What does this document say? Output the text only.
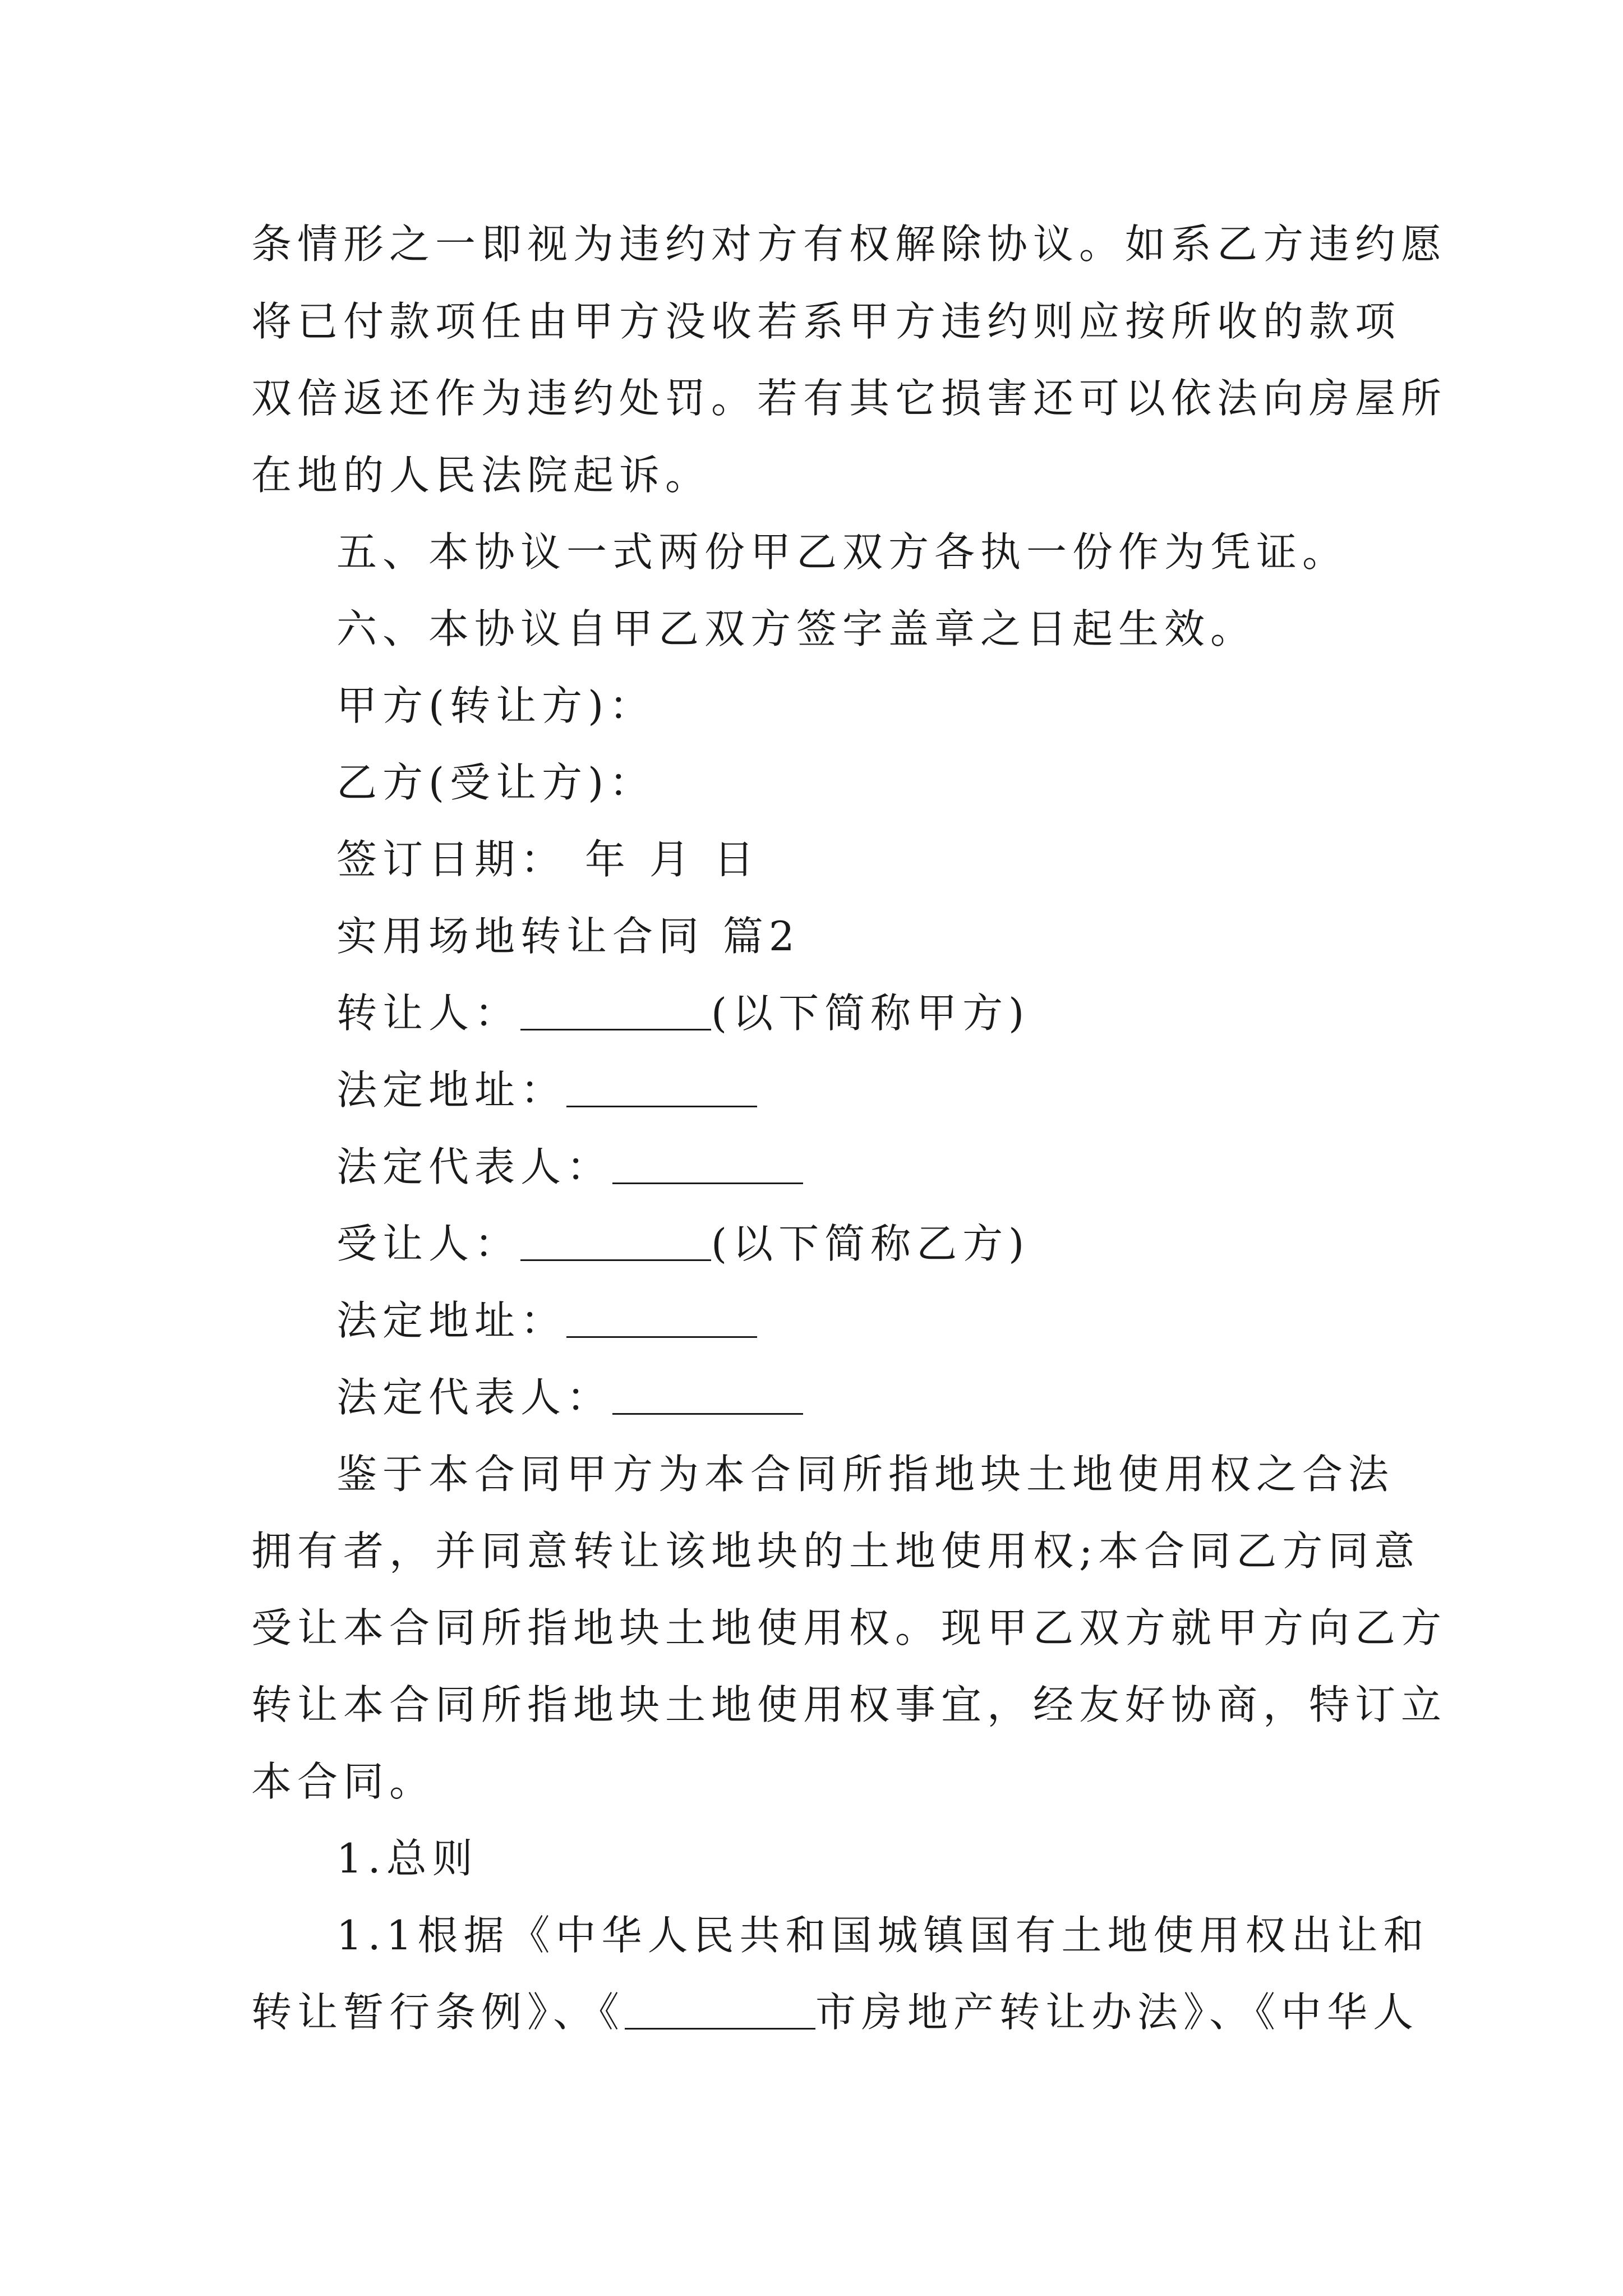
条情形之一即视为违约对方有权解除协议。如系乙方违约愿
将已付款项任由甲方没收若系甲方违约则应按所收的款项
双倍返还作为违约处罚。若有其它损害还可以依法向房屋所
在地的人民法院起诉。
五、本协议一式两份甲乙双方各执一份作为凭证。
六、本协议自甲乙双方签字盖章之日起生效。
甲方(转让方)：
乙方(受让方)：
签订日期： 年 月 日
实用场地转让合同 篇2
转让人：	(以下简称甲方)
法定地址：
法定代表人：
受让人：	(以下简称乙方)
法定地址：
法定代表人：
鉴于本合同甲方为本合同所指地块土地使用权之合法
拥有者，并同意转让该地块的土地使用权;本合同乙方同意
受让本合同所指地块土地使用权。现甲乙双方就甲方向乙方
转让本合同所指地块土地使用权事宜，经友好协商，特订立
本合同。
1.总则
1.1根据《中华人民共和国城镇国有土地使用权出让和
转让暂行条例》、《	市房地产转让办法》、《中华人
